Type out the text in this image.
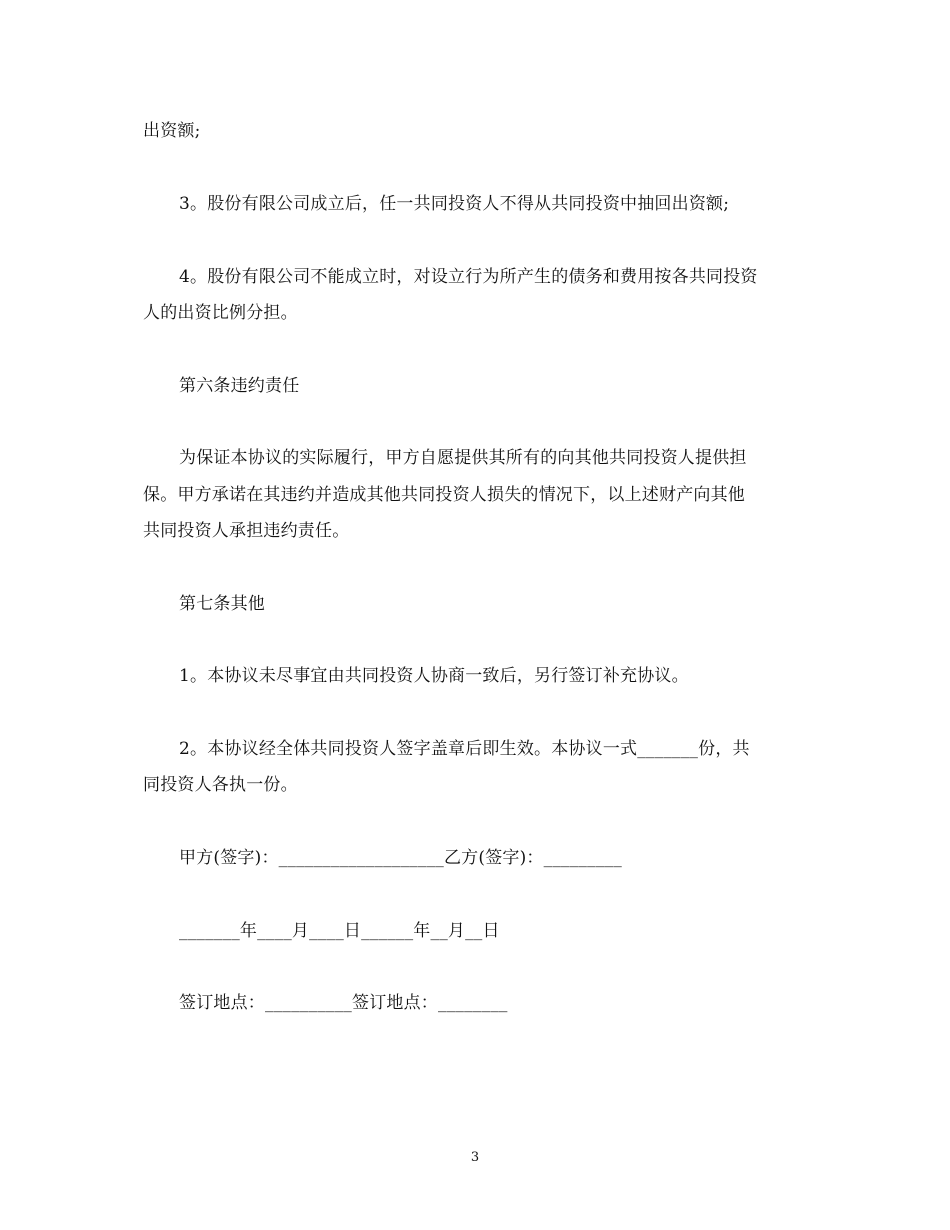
出资额;
3。股份有限公司成立后，任一共同投资人不得从共同投资中抽回出资额;
4。股份有限公司不能成立时，对设立行为所产生的债务和费用按各共同投资
人的出资比例分担。
第六条违约责任
为保证本协议的实际履行，甲方自愿提供其所有的向其他共同投资人提供担
保。甲方承诺在其违约并造成其他共同投资人损失的情况下，以上述财产向其他
共同投资人承担违约责任。
第七条其他
1。本协议未尽事宜由共同投资人协商一致后，另行签订补充协议。
2。本协议经全体共同投资人签字盖章后即生效。本协议一式_______份，共
同投资人各执一份。
甲方(签字)：___________________乙方(签字)：_________
_______年____月____日______年__月__日
签订地点：__________签订地点：________
3
